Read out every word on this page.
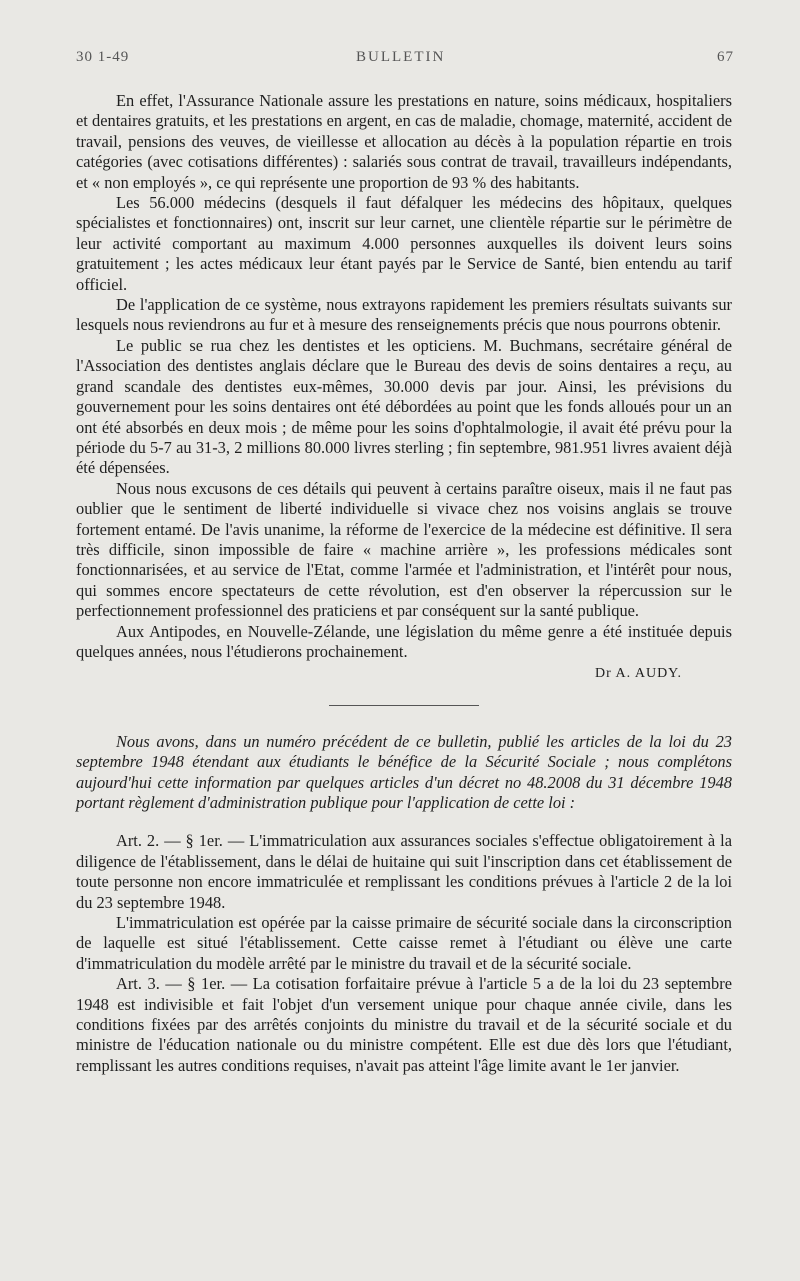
30 1-49	BULLETIN	67

En effet, l'Assurance Nationale assure les prestations en nature, soins médicaux, hospitaliers et dentaires gratuits, et les prestations en argent, en cas de maladie, chomage, maternité, accident de travail, pensions des veuves, de vieillesse et allocation au décès à la population répartie en trois catégories (avec cotisations différentes) : salariés sous contrat de travail, travailleurs indépendants, et « non employés », ce qui représente une proportion de 93 % des habitants.

Les 56.000 médecins (desquels il faut défalquer les médecins des hôpitaux, quelques spécialistes et fonctionnaires) ont, inscrit sur leur carnet, une clientèle répartie sur le périmètre de leur activité comportant au maximum 4.000 personnes auxquelles ils doivent leurs soins gratuitement ; les actes médicaux leur étant payés par le Service de Santé, bien entendu au tarif officiel.

De l'application de ce système, nous extrayons rapidement les premiers résultats suivants sur lesquels nous reviendrons au fur et à mesure des renseignements précis que nous pourrons obtenir.

Le public se rua chez les dentistes et les opticiens. M. Buchmans, secrétaire général de l'Association des dentistes anglais déclare que le Bureau des devis de soins dentaires a reçu, au grand scandale des dentistes eux-mêmes, 30.000 devis par jour. Ainsi, les prévisions du gouvernement pour les soins dentaires ont été débordées au point que les fonds alloués pour un an ont été absorbés en deux mois ; de même pour les soins d'ophtalmologie, il avait été prévu pour la période du 5-7 au 31-3, 2 millions 80.000 livres sterling ; fin septembre, 981.951 livres avaient déjà été dépensées.

Nous nous excusons de ces détails qui peuvent à certains paraître oiseux, mais il ne faut pas oublier que le sentiment de liberté individuelle si vivace chez nos voisins anglais se trouve fortement entamé. De l'avis unanime, la réforme de l'exercice de la médecine est définitive. Il sera très difficile, sinon impossible de faire « machine arrière », les professions médicales sont fonctionnarisées, et au service de l'Etat, comme l'armée et l'administration, et l'intérêt pour nous, qui sommes encore spectateurs de cette révolution, est d'en observer la répercussion sur le perfectionnement professionnel des praticiens et par conséquent sur la santé publique.

Aux Antipodes, en Nouvelle-Zélande, une législation du même genre a été instituée depuis quelques années, nous l'étudierons prochainement.

Dr A. AUDY.

Nous avons, dans un numéro précédent de ce bulletin, publié les articles de la loi du 23 septembre 1948 étendant aux étudiants le bénéfice de la Sécurité Sociale ; nous complétons aujourd'hui cette information par quelques articles d'un décret no 48.2008 du 31 décembre 1948 portant règlement d'administration publique pour l'application de cette loi :

Art. 2. — § 1er. — L'immatriculation aux assurances sociales s'effectue obligatoirement à la diligence de l'établissement, dans le délai de huitaine qui suit l'inscription dans cet établissement de toute personne non encore immatriculée et remplissant les conditions prévues à l'article 2 de la loi du 23 septembre 1948.

L'immatriculation est opérée par la caisse primaire de sécurité sociale dans la circonscription de laquelle est situé l'établissement. Cette caisse remet à l'étudiant ou élève une carte d'immatriculation du modèle arrêté par le ministre du travail et de la sécurité sociale.

Art. 3. — § 1er. — La cotisation forfaitaire prévue à l'article 5 a de la loi du 23 septembre 1948 est indivisible et fait l'objet d'un versement unique pour chaque année civile, dans les conditions fixées par des arrêtés conjoints du ministre du travail et de la sécurité sociale et du ministre de l'éducation nationale ou du ministre compétent. Elle est due dès lors que l'étudiant, remplissant les autres conditions requises, n'avait pas atteint l'âge limite avant le 1er janvier.
